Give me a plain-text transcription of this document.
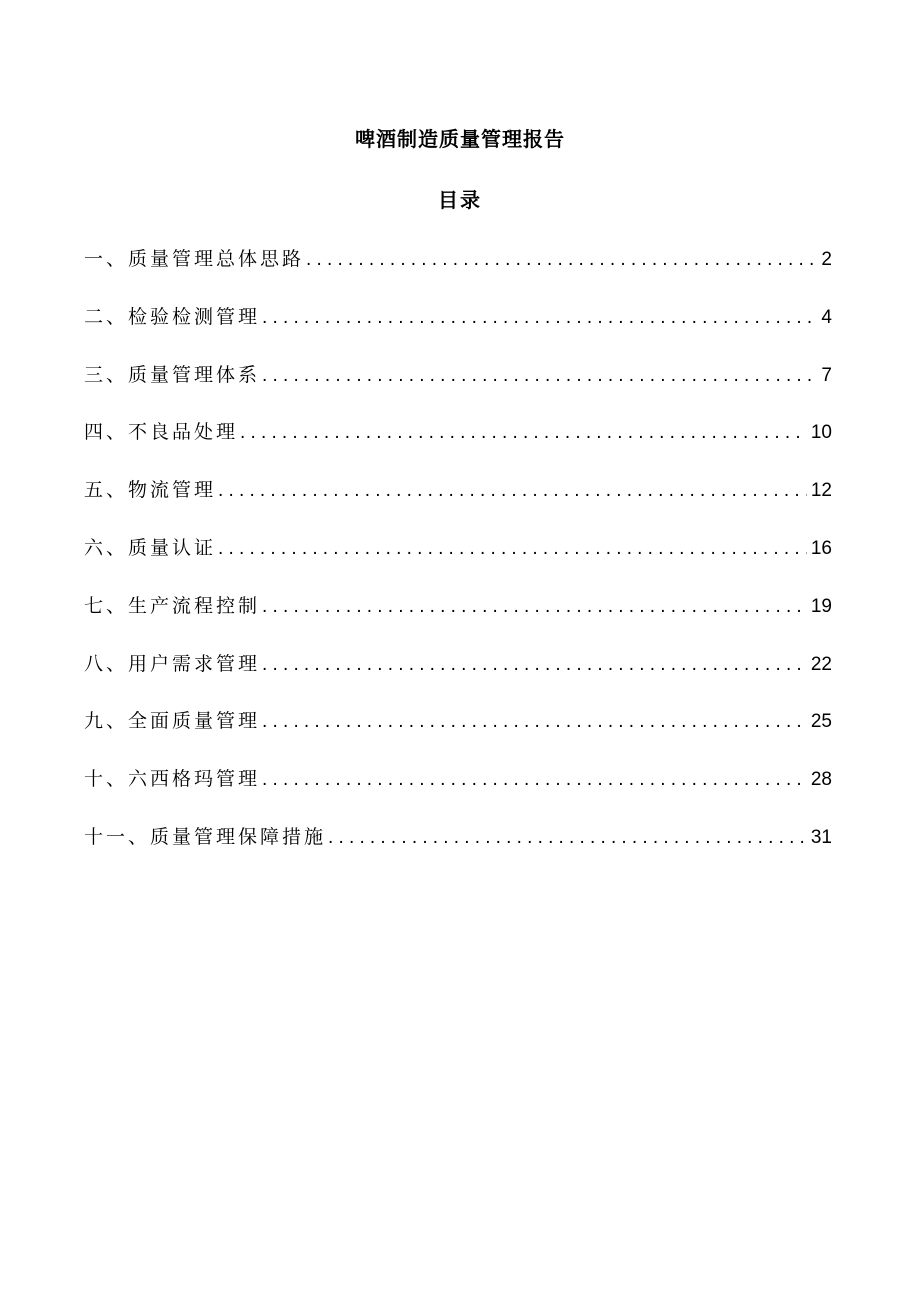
啤酒制造质量管理报告
目录
一、质量管理总体思路 .....	2
二、检验检测管理 .....	4
三、质量管理体系 .....	7
四、不良品处理 .....	10
五、物流管理 .....	12
六、质量认证 .....	16
七、生产流程控制 .....	19
八、用户需求管理 .....	22
九、全面质量管理 .....	25
十、六西格玛管理 .....	28
十一、质量管理保障措施 .....	31
